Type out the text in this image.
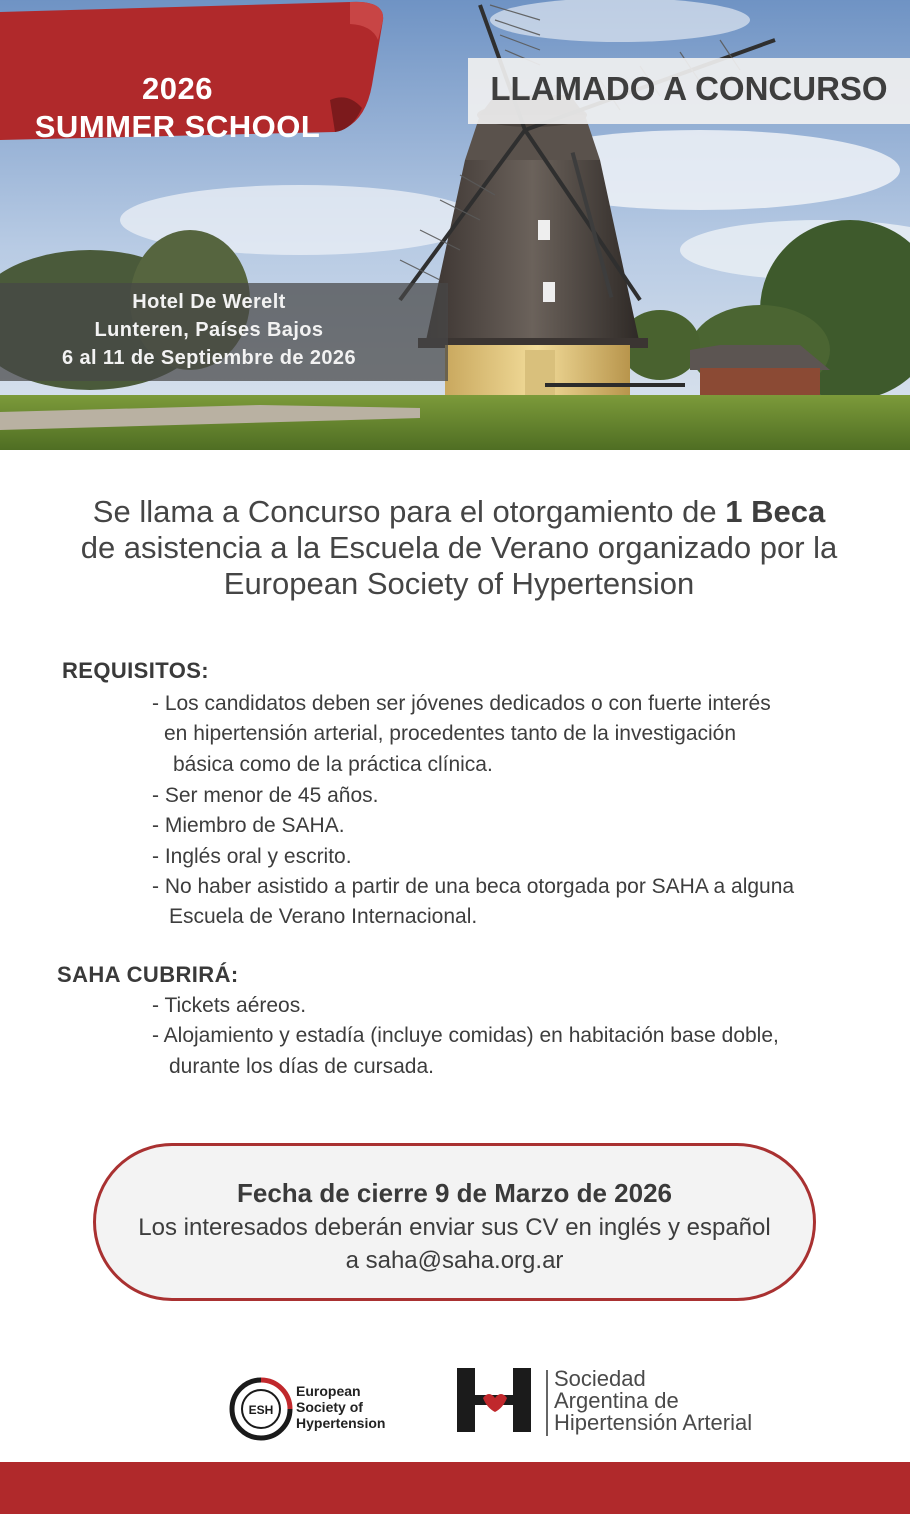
2026
SUMMER SCHOOL
LLAMADO A CONCURSO
Hotel De Werelt
Lunteren, Países Bajos
6 al 11 de Septiembre de 2026
Se llama a Concurso para el otorgamiento de 1 Beca
de asistencia a la Escuela de Verano organizado por la
European Society of Hypertension
REQUISITOS:
- Los candidatos deben ser jóvenes dedicados o con fuerte interés
en hipertensión arterial, procedentes tanto de la investigación
básica como de la práctica clínica.
- Ser menor de 45 años.
- Miembro de SAHA.
- Inglés oral y escrito.
- No haber asistido a partir de una beca otorgada por SAHA a alguna
Escuela de Verano Internacional.
SAHA CUBRIRÁ:
- Tickets aéreos.
- Alojamiento y estadía (incluye comidas) en habitación base doble,
durante los días de cursada.
Fecha de cierre 9 de Marzo de 2026
Los interesados deberán enviar sus CV en inglés y español
a saha@saha.org.ar
ESH
European
Society of
Hypertension
Sociedad
Argentina de
Hipertensión Arterial
